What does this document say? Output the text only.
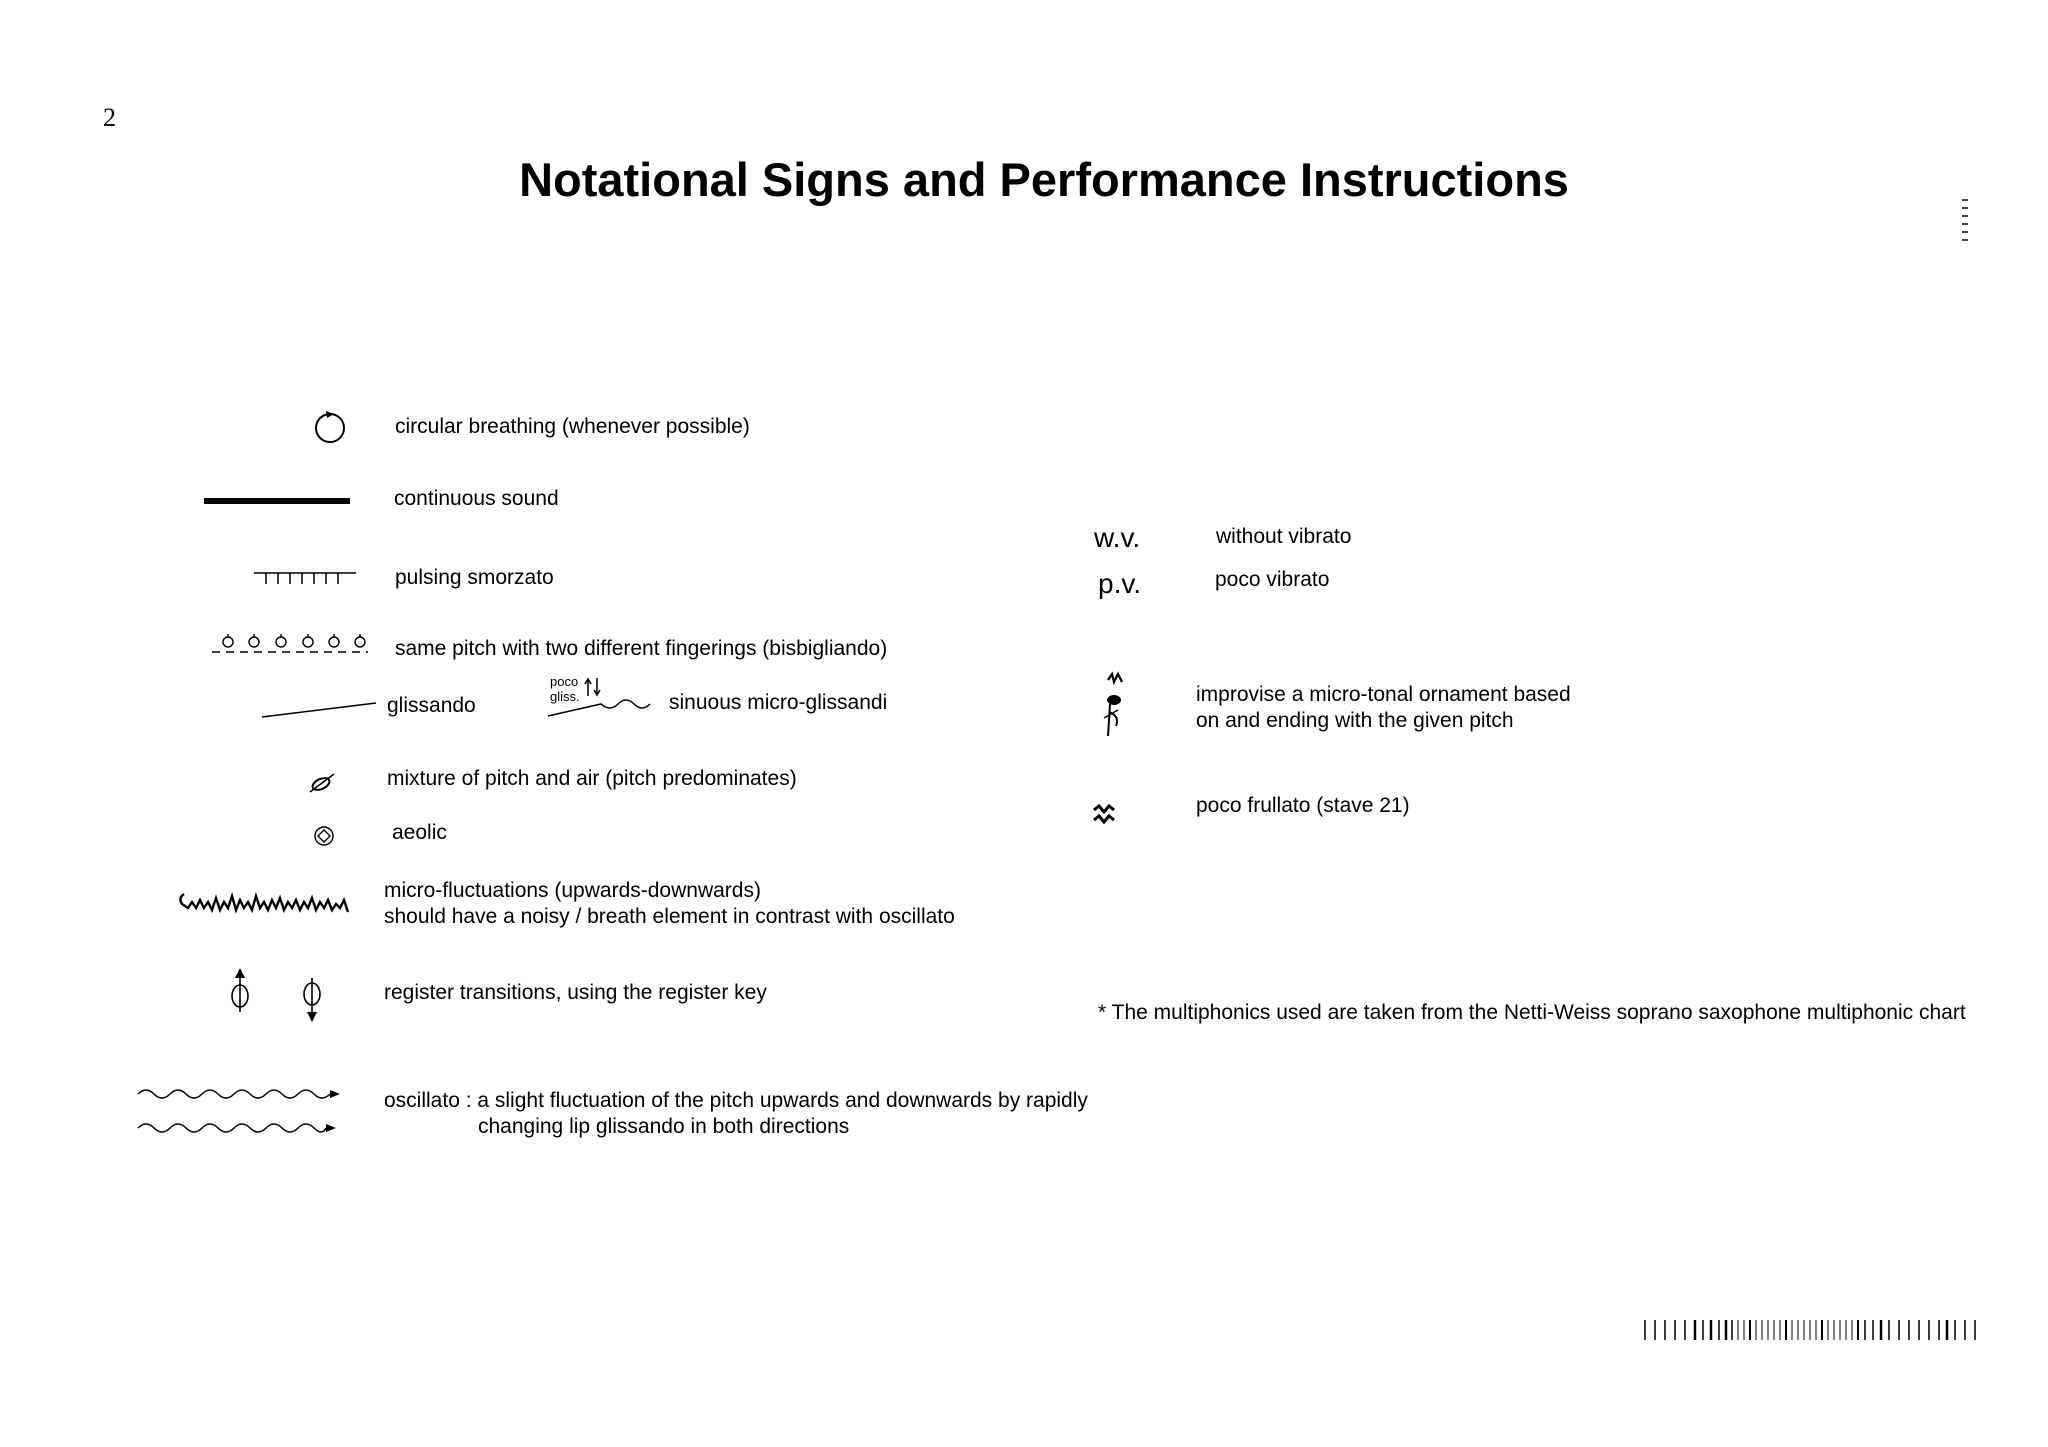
2
Notational Signs and Performance Instructions
circular breathing (whenever possible)
continuous sound
pulsing smorzato
same pitch with two different fingerings (bisbigliando)
glissando
poco
gliss.	sinuous micro-glissandi
mixture of pitch and air (pitch predominates)
aeolic
micro-fluctuations (upwards-downwards)
should have a noisy / breath element in contrast with oscillato
register transitions, using the register key
oscillato : a slight fluctuation of the pitch upwards and downwards by rapidly
changing lip glissando in both directions
w.v.	without vibrato
p.v.	poco vibrato
improvise a micro-tonal ornament based
on and ending with the given pitch
poco frullato (stave 21)
* The multiphonics used are taken from the Netti-Weiss soprano saxophone multiphonic chart
